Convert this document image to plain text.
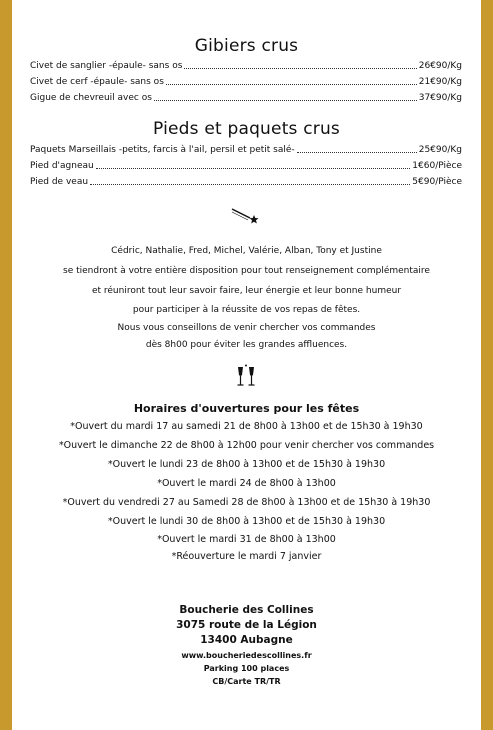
Gibiers crus
Civet de sanglier -épaule- sans os	26€90/Kg
Civet de cerf -épaule- sans os	21€90/Kg
Gigue de chevreuil avec os	37€90/Kg
Pieds et paquets crus
Paquets Marseillais -petits, farcis à l'ail, persil et petit salé-	25€90/Kg
Pied d'agneau	1€60/Pièce
Pied de veau	5€90/Pièce
Cédric, Nathalie, Fred, Michel, Valérie, Alban, Tony et Justine
se tiendront à votre entière disposition pour tout renseignement complémentaire
et réuniront tout leur savoir faire, leur énergie et leur bonne humeur
pour participer à la réussite de vos repas de fêtes.
Nous vous conseillons de venir chercher vos commandes
dès 8h00 pour éviter les grandes affluences.
Horaires d'ouvertures pour les fêtes
*Ouvert du mardi 17 au samedi 21 de 8h00 à 13h00 et de 15h30 à 19h30
*Ouvert le dimanche 22 de 8h00 à 12h00 pour venir chercher vos commandes
*Ouvert le lundi 23 de 8h00 à 13h00 et de 15h30 à 19h30
*Ouvert le mardi 24 de 8h00 à 13h00
*Ouvert du vendredi 27 au Samedi 28 de 8h00 à 13h00 et de 15h30 à 19h30
*Ouvert le lundi 30 de 8h00 à 13h00 et de 15h30 à 19h30
*Ouvert le mardi 31 de 8h00 à 13h00
*Réouverture le mardi 7 janvier
Boucherie des Collines
3075 route de la Légion
13400 Aubagne
www.boucheriedescollines.fr
Parking 100 places
CB/Carte TR/TR
